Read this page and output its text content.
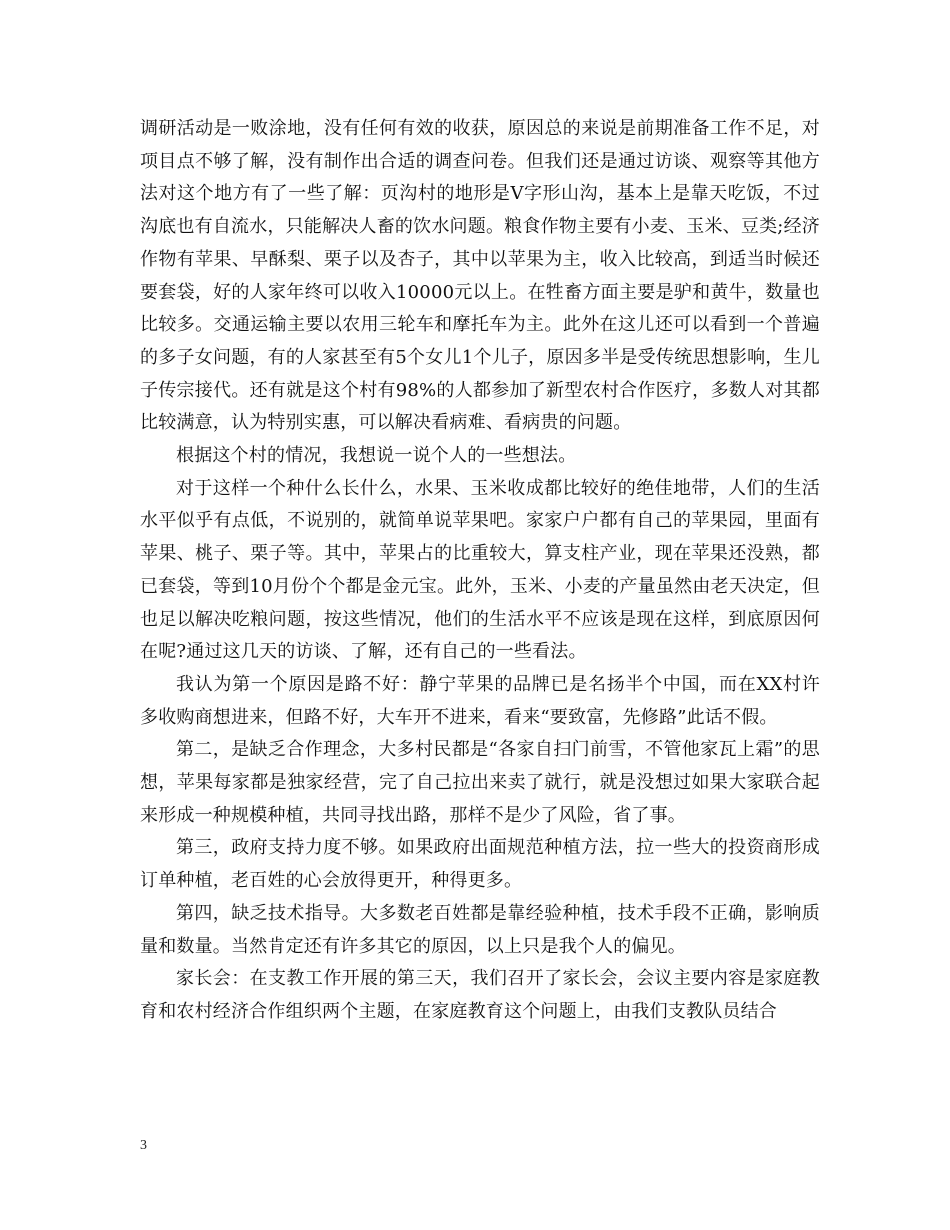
调研活动是一败涂地，没有任何有效的收获，原因总的来说是前期准备工作不足，对项目点不够了解，没有制作出合适的调查问卷。但我们还是通过访谈、观察等其他方法对这个地方有了一些了解：页沟村的地形是V字形山沟，基本上是靠天吃饭，不过沟底也有自流水，只能解决人畜的饮水问题。粮食作物主要有小麦、玉米、豆类;经济作物有苹果、早酥梨、栗子以及杏子，其中以苹果为主，收入比较高，到适当时候还要套袋，好的人家年终可以收入10000元以上。在牲畜方面主要是驴和黄牛，数量也比较多。交通运输主要以农用三轮车和摩托车为主。此外在这儿还可以看到一个普遍的多子女问题，有的人家甚至有5个女儿1个儿子，原因多半是受传统思想影响，生儿子传宗接代。还有就是这个村有98%的人都参加了新型农村合作医疗，多数人对其都比较满意，认为特别实惠，可以解决看病难、看病贵的问题。

根据这个村的情况，我想说一说个人的一些想法。

对于这样一个种什么长什么，水果、玉米收成都比较好的绝佳地带，人们的生活水平似乎有点低，不说别的，就简单说苹果吧。家家户户都有自己的苹果园，里面有苹果、桃子、栗子等。其中，苹果占的比重较大，算支柱产业，现在苹果还没熟，都已套袋，等到10月份个个都是金元宝。此外，玉米、小麦的产量虽然由老天决定，但也足以解决吃粮问题，按这些情况，他们的生活水平不应该是现在这样，到底原因何在呢?通过这几天的访谈、了解，还有自己的一些看法。

我认为第一个原因是路不好：静宁苹果的品牌已是名扬半个中国，而在XX村许多收购商想进来，但路不好，大车开不进来，看来“要致富，先修路”此话不假。

第二，是缺乏合作理念，大多村民都是“各家自扫门前雪，不管他家瓦上霜”的思想，苹果每家都是独家经营，完了自己拉出来卖了就行，就是没想过如果大家联合起来形成一种规模种植，共同寻找出路，那样不是少了风险，省了事。

第三，政府支持力度不够。如果政府出面规范种植方法，拉一些大的投资商形成订单种植，老百姓的心会放得更开，种得更多。

第四，缺乏技术指导。大多数老百姓都是靠经验种植，技术手段不正确，影响质量和数量。当然肯定还有许多其它的原因，以上只是我个人的偏见。

家长会：在支教工作开展的第三天，我们召开了家长会，会议主要内容是家庭教育和农村经济合作组织两个主题，在家庭教育这个问题上，由我们支教队员结合

3
